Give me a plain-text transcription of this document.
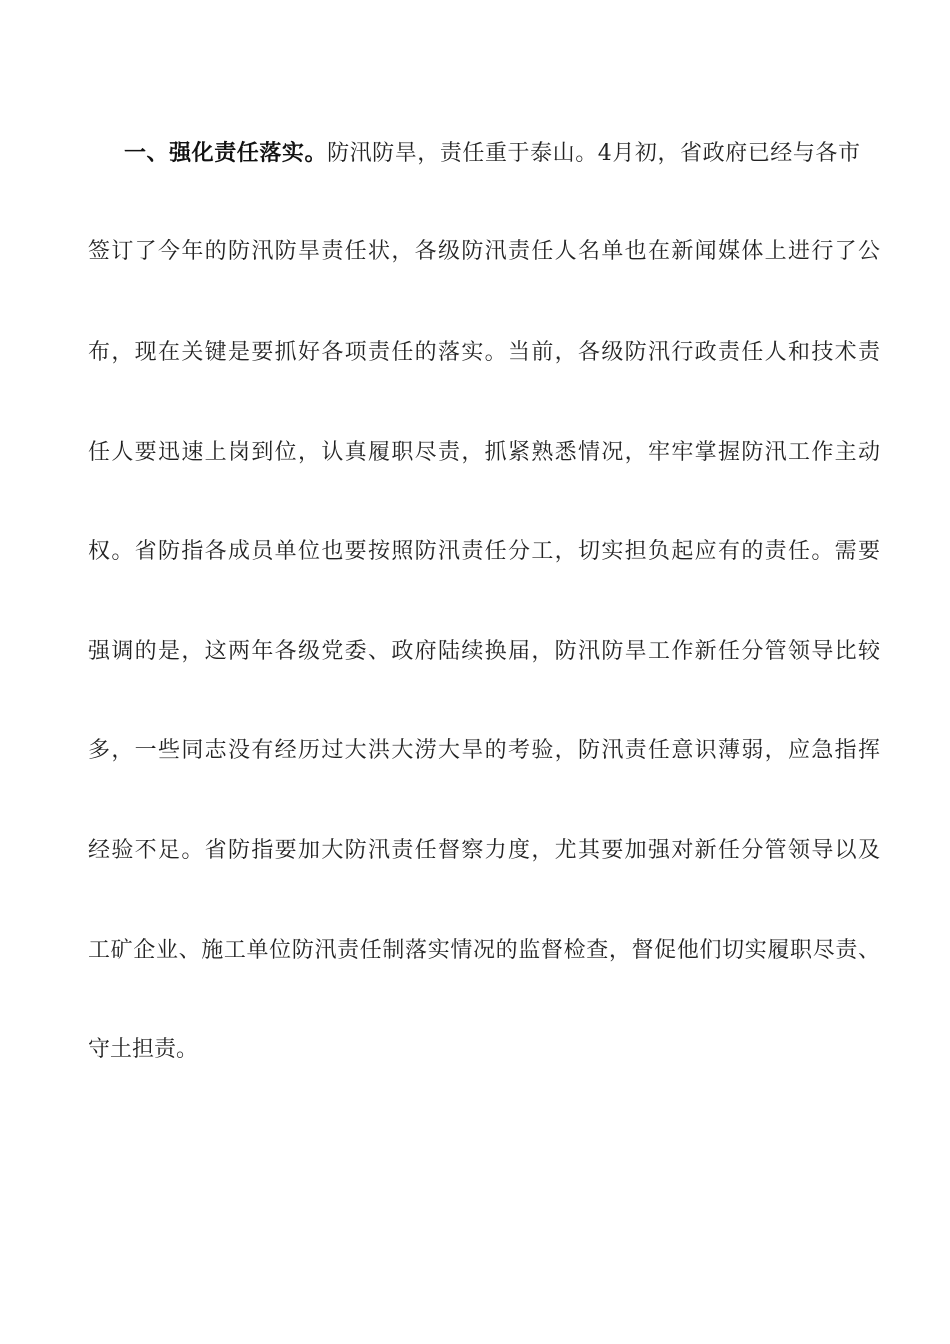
一、强化责任落实。防汛防旱，责任重于泰山。4月初，省政府已经与各市
签订了今年的防汛防旱责任状，各级防汛责任人名单也在新闻媒体上进行了公
布，现在关键是要抓好各项责任的落实。当前，各级防汛行政责任人和技术责
任人要迅速上岗到位，认真履职尽责，抓紧熟悉情况，牢牢掌握防汛工作主动
权。省防指各成员单位也要按照防汛责任分工，切实担负起应有的责任。需要
强调的是，这两年各级党委、政府陆续换届，防汛防旱工作新任分管领导比较
多，一些同志没有经历过大洪大涝大旱的考验，防汛责任意识薄弱，应急指挥
经验不足。省防指要加大防汛责任督察力度，尤其要加强对新任分管领导以及
工矿企业、施工单位防汛责任制落实情况的监督检查，督促他们切实履职尽责、
守土担责。
